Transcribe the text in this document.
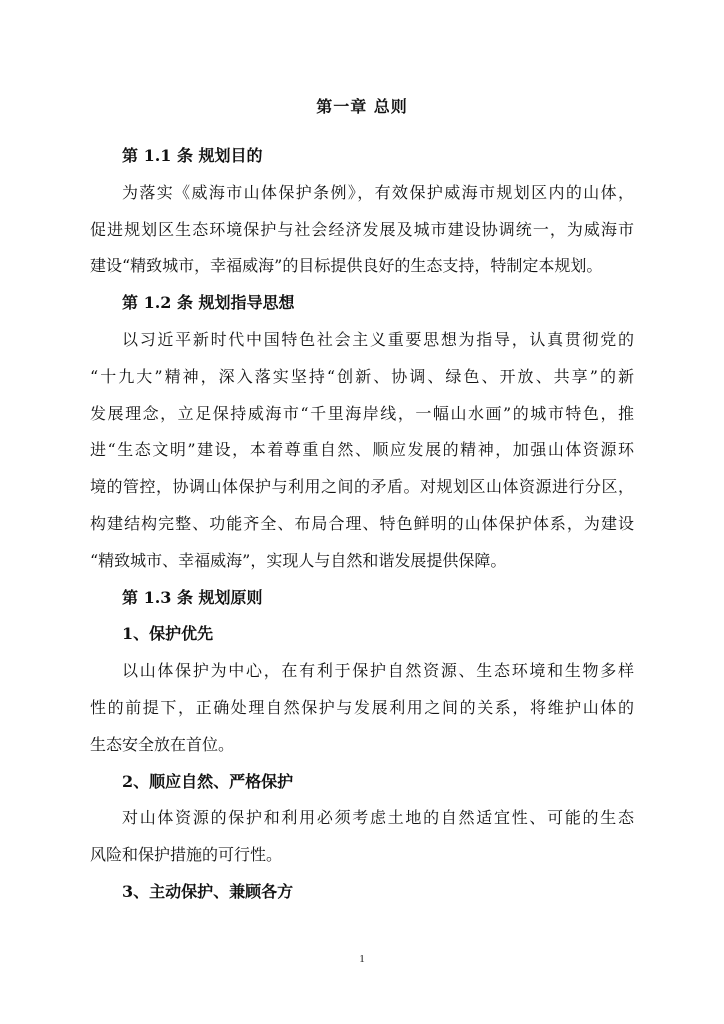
第一章 总则
第 1.1 条 规划目的
为落实《威海市山体保护条例》，有效保护威海市规划区内的山体，
促进规划区生态环境保护与社会经济发展及城市建设协调统一，为威海市
建设“精致城市，幸福威海”的目标提供良好的生态支持，特制定本规划。
第 1.2 条 规划指导思想
以习近平新时代中国特色社会主义重要思想为指导，认真贯彻党的
“十九大”精神，深入落实坚持“创新、协调、绿色、开放、共享”的新
发展理念，立足保持威海市“千里海岸线，一幅山水画”的城市特色，推
进“生态文明”建设，本着尊重自然、顺应发展的精神，加强山体资源环
境的管控，协调山体保护与利用之间的矛盾。对规划区山体资源进行分区，
构建结构完整、功能齐全、布局合理、特色鲜明的山体保护体系，为建设
“精致城市、幸福威海”，实现人与自然和谐发展提供保障。
第 1.3 条 规划原则
1、保护优先
以山体保护为中心，在有利于保护自然资源、生态环境和生物多样
性的前提下，正确处理自然保护与发展利用之间的关系，将维护山体的
生态安全放在首位。
2、顺应自然、严格保护
对山体资源的保护和利用必须考虑土地的自然适宜性、可能的生态
风险和保护措施的可行性。
3、主动保护、兼顾各方
1
